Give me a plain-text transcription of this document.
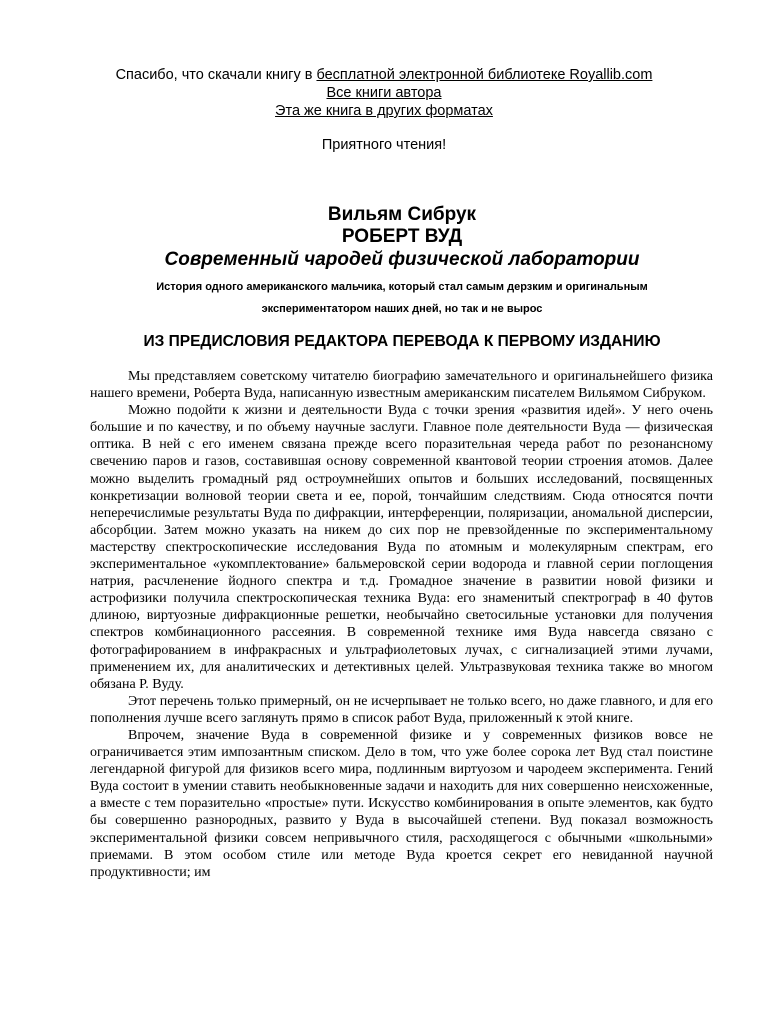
Спасибо, что скачали книгу в бесплатной электронной библиотеке Royallib.com
Все книги автора
Эта же книга в других форматах
Приятного чтения!

Вильям Сибрук

РОБЕРТ ВУД

Современный чародей физической лаборатории

История одного американского мальчика, который стал самым дерзким и оригинальным экспериментатором наших дней, но так и не вырос

ИЗ ПРЕДИСЛОВИЯ РЕДАКТОРА ПЕРЕВОДА К ПЕРВОМУ ИЗДАНИЮ

Мы представляем советскому читателю биографию замечательного и оригинальнейшего физика нашего времени, Роберта Вуда, написанную известным американским писателем Вильямом Сибруком.

Можно подойти к жизни и деятельности Вуда с точки зрения «развития идей». У него очень большие и по качеству, и по объему научные заслуги. Главное поле деятельности Вуда — физическая оптика. В ней с его именем связана прежде всего поразительная череда работ по резонансному свечению паров и газов, составившая основу современной квантовой теории строения атомов. Далее можно выделить громадный ряд остроумнейших опытов и больших исследований, посвященных конкретизации волновой теории света и ее, порой, тончайшим следствиям. Сюда относятся почти неперечислимые результаты Вуда по дифракции, интерференции, поляризации, аномальной дисперсии, абсорбции. Затем можно указать на никем до сих пор не превзойденные по экспериментальному мастерству спектроскопические исследования Вуда по атомным и молекулярным спектрам, его экспериментальное «укомплектование» бальмеровской серии водорода и главной серии поглощения натрия, расчленение йодного спектра и т.д. Громадное значение в развитии новой физики и астрофизики получила спектроскопическая техника Вуда: его знаменитый спектрограф в 40 футов длиною, виртуозные дифракционные решетки, необычайно светосильные установки для получения спектров комбинационного рассеяния. В современной технике имя Вуда навсегда связано с фотографированием в инфракрасных и ультрафиолетовых лучах, с сигнализацией этими лучами, применением их, для аналитических и детективных целей. Ультразвуковая техника также во многом обязана Р. Вуду.

Этот перечень только примерный, он не исчерпывает не только всего, но даже главного, и для его пополнения лучше всего заглянуть прямо в список работ Вуда, приложенный к этой книге.

Впрочем, значение Вуда в современной физике и у современных физиков вовсе не ограничивается этим импозантным списком. Дело в том, что уже более сорока лет Вуд стал поистине легендарной фигурой для физиков всего мира, подлинным виртуозом и чародеем эксперимента. Гений Вуда состоит в умении ставить необыкновенные задачи и находить для них совершенно неисхоженные, а вместе с тем поразительно «простые» пути. Искусство комбинирования в опыте элементов, как будто бы совершенно разнородных, развито у Вуда в высочайшей степени. Вуд показал возможность экспериментальной физики совсем непривычного стиля, расходящегося с обычными «школьными» приемами. В этом особом стиле или методе Вуда кроется секрет его невиданной научной продуктивности; им
